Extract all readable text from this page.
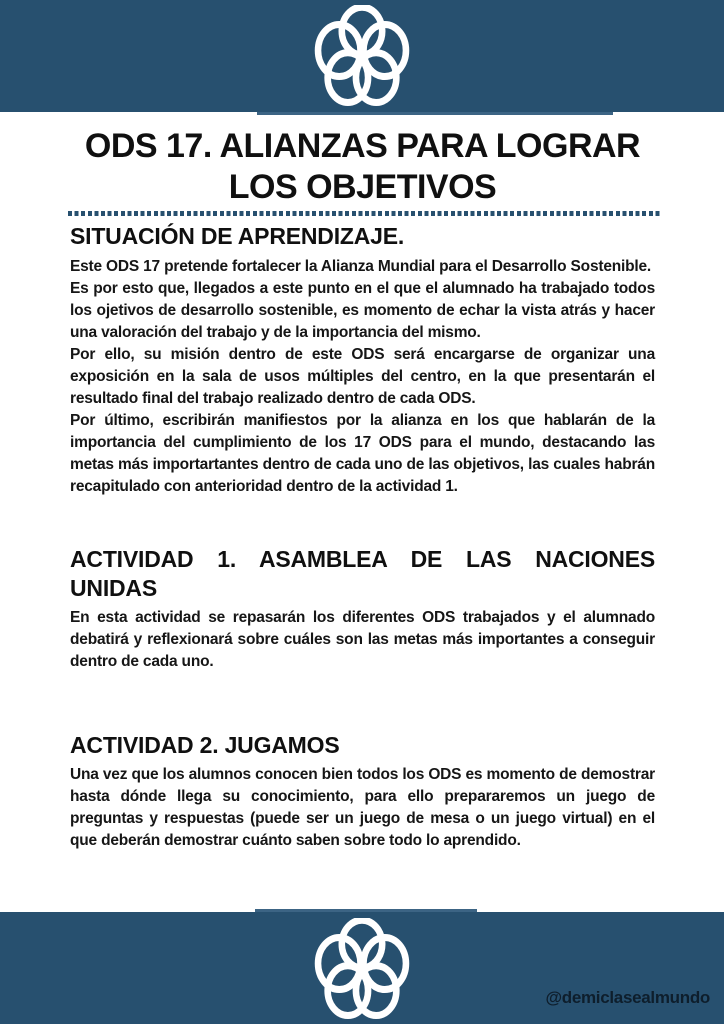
ODS 17. ALIANZAS PARA LOGRAR LOS OBJETIVOS
SITUACIÓN DE APRENDIZAJE.

Este ODS 17 pretende fortalecer la Alianza Mundial para el Desarrollo Sostenible.

Es por esto que, llegados a este punto en el que el alumnado ha trabajado todos los ojetivos de desarrollo sostenible, es momento de echar la vista atrás y hacer una valoración del trabajo y de la importancia del mismo.

Por ello, su misión dentro de este ODS será encargarse de organizar una exposición en la sala de usos múltiples del centro, en la que presentarán el resultado final del trabajo realizado dentro de cada ODS.

Por último, escribirán manifiestos por la alianza en los que hablarán de la importancia del cumplimiento de los 17 ODS para el mundo, destacando las metas más importartantes dentro de cada uno de las objetivos, las cuales habrán recapitulado con anterioridad dentro de la actividad 1.

ACTIVIDAD 1. ASAMBLEA DE LAS NACIONES UNIDAS

En esta actividad se repasarán los diferentes ODS trabajados y el alumnado debatirá y reflexionará sobre cuáles son las metas más importantes a conseguir dentro de cada uno.

ACTIVIDAD 2. JUGAMOS

Una vez que los alumnos conocen bien todos los ODS es momento de demostrar hasta dónde llega su conocimiento, para ello prepararemos un juego de preguntas y respuestas (puede ser un juego de mesa o un juego virtual) en el que deberán demostrar cuánto saben sobre todo lo aprendido.

@demiclasealmundo
